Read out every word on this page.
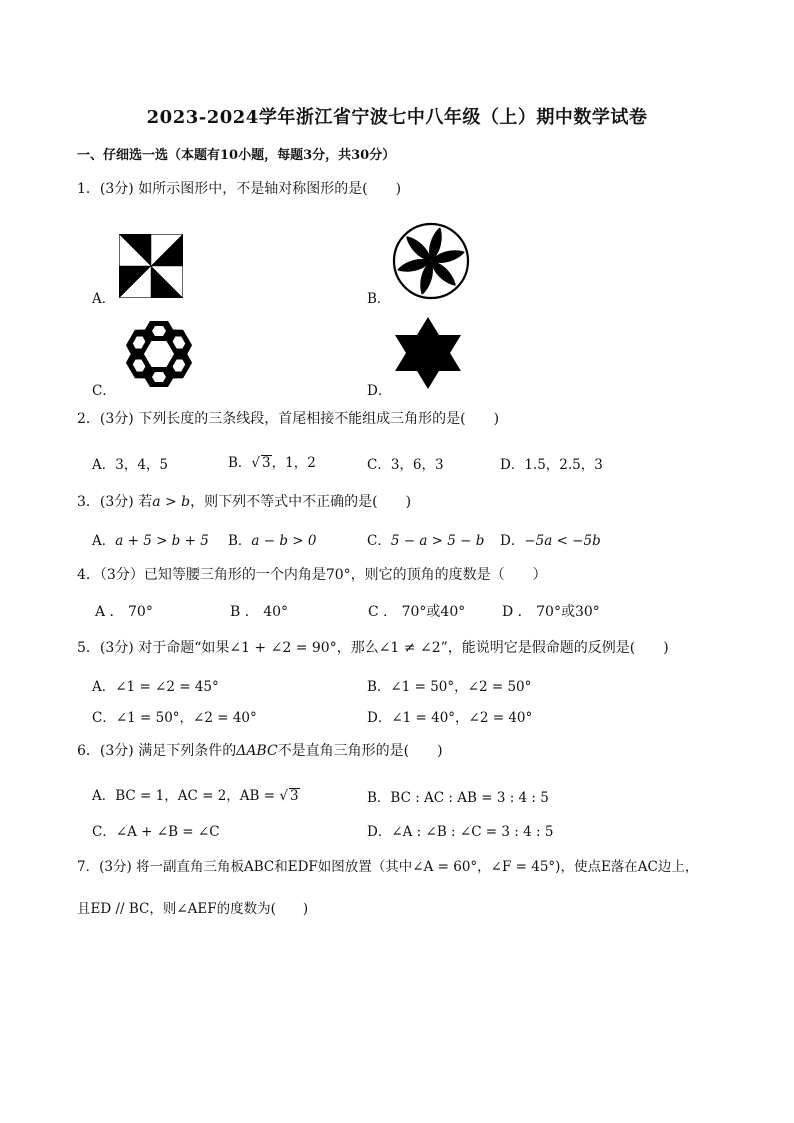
2023-2024学年浙江省宁波七中八年级（上）期中数学试卷
一、仔细选一选（本题有10小题，每题3分，共30分）
1．(3分) 如所示图形中，不是轴对称图形的是(　　)
A．	B．
C．	D．
2．(3分) 下列长度的三条线段，首尾相接不能组成三角形的是(　　)
A．3，4，5	B．√ 3，1，2	C．3，6，3	D．1.5，2.5，3
3．(3分) 若a > b，则下列不等式中不正确的是(　　)
A．a + 5 > b + 5 B．a − b > 0	C．5 − a > 5 − b D．−5a < −5b
4．（3分）已知等腰三角形的一个内角是70°，则它的顶角的度数是（　　）
A ． 70°	B ． 40°	C ． 70°或40°	D ． 70°或30°
5．(3分) 对于命题“如果∠1 + ∠2 = 90°，那么∠1 ≠ ∠2”，能说明它是假命题的反例是(　　)
A．∠1 = ∠2 = 45°	B．∠1 = 50°，∠2 = 50°
C．∠1 = 50°，∠2 = 40°	D．∠1 = 40°，∠2 = 40°
6．(3分) 满足下列条件的ΔABC不是直角三角形的是(　　)
A．BC = 1，AC = 2，AB = √ 3	B．BC : AC : AB = 3 : 4 : 5
C．∠A + ∠B = ∠C	D．∠A : ∠B : ∠C = 3 : 4 : 5
7．(3分) 将一副直角三角板ABC和EDF如图放置（其中∠A = 60°，∠F = 45°)，使点E落在AC边上，
且ED // BC，则∠AEF的度数为(　　)
